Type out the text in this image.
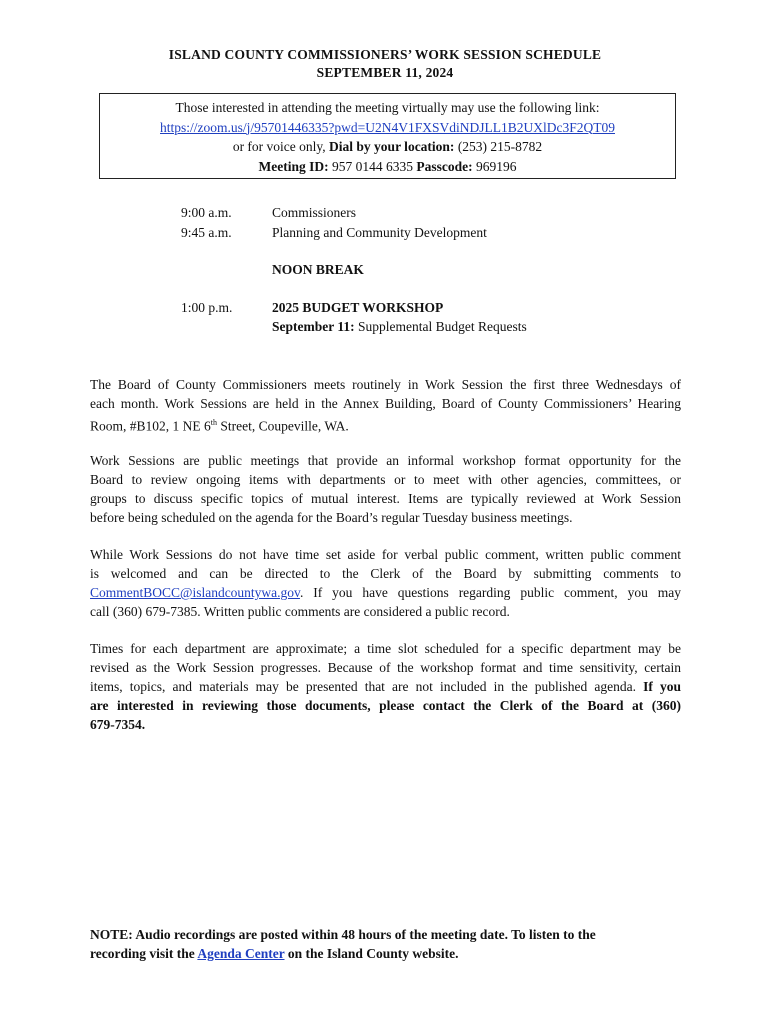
ISLAND COUNTY COMMISSIONERS’ WORK SESSION SCHEDULE
SEPTEMBER 11, 2024
Those interested in attending the meeting virtually may use the following link:
https://zoom.us/j/95701446335?pwd=U2N4V1FXSVdiNDJLL1B2UXlDc3F2QT09
or for voice only, Dial by your location: (253) 215-8782
Meeting ID: 957 0144 6335 Passcode: 969196
9:00 a.m.	Commissioners
9:45 a.m.	Planning and Community Development
NOON BREAK
1:00 p.m.	2025 BUDGET WORKSHOP
September 11: Supplemental Budget Requests
The Board of County Commissioners meets routinely in Work Session the first three Wednesdays of
each month. Work Sessions are held in the Annex Building, Board of County Commissioners’ Hearing
Room, #B102, 1 NE 6th Street, Coupeville, WA.
Work Sessions are public meetings that provide an informal workshop format opportunity for the
Board to review ongoing items with departments or to meet with other agencies, committees, or
groups to discuss specific topics of mutual interest. Items are typically reviewed at Work Session
before being scheduled on the agenda for the Board’s regular Tuesday business meetings.
While Work Sessions do not have time set aside for verbal public comment, written public comment
is welcomed and can be directed to the Clerk of the Board by submitting comments to
CommentBOCC@islandcountywa.gov. If you have questions regarding public comment, you may
call (360) 679-7385. Written public comments are considered a public record.
Times for each department are approximate; a time slot scheduled for a specific department may be
revised as the Work Session progresses. Because of the workshop format and time sensitivity, certain
items, topics, and materials may be presented that are not included in the published agenda. If you
are interested in reviewing those documents, please contact the Clerk of the Board at (360)
679-7354.
NOTE: Audio recordings are posted within 48 hours of the meeting date. To listen to the
recording visit the Agenda Center on the Island County website.
